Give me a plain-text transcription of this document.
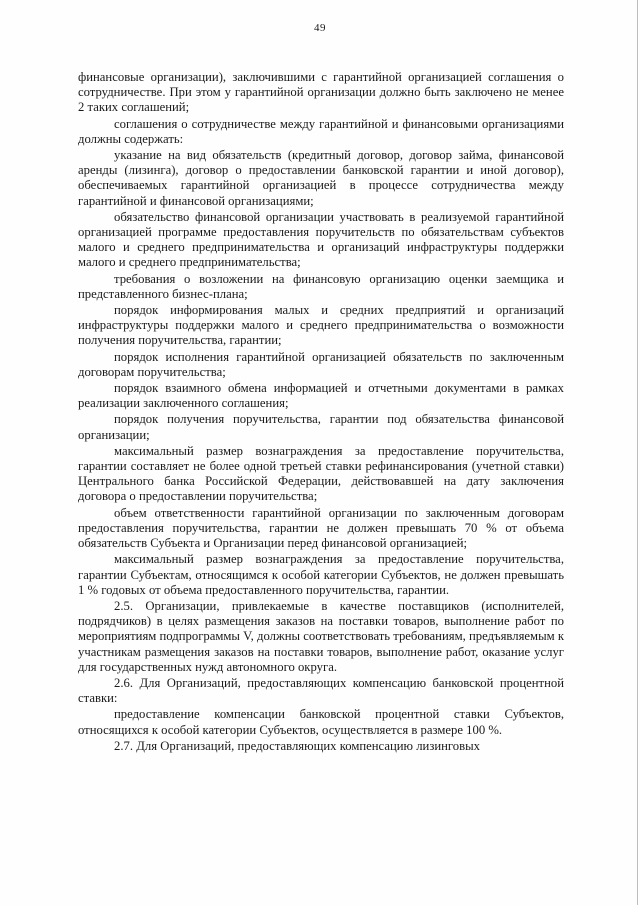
49

финансовые организации), заключившими с гарантийной организацией соглашения о сотрудничестве. При этом у гарантийной организации должно быть заключено не менее 2 таких соглашений;

соглашения о сотрудничестве между гарантийной и финансовыми организациями должны содержать:

указание на вид обязательств (кредитный договор, договор займа, финансовой аренды (лизинга), договор о предоставлении банковской гарантии и иной договор), обеспечиваемых гарантийной организацией в процессе сотрудничества между гарантийной и финансовой организациями;

обязательство финансовой организации участвовать в реализуемой гарантийной организацией программе предоставления поручительств по обязательствам субъектов малого и среднего предпринимательства и организаций инфраструктуры поддержки малого и среднего предпринимательства;

требования о возложении на финансовую организацию оценки заемщика и представленного бизнес-плана;

порядок информирования малых и средних предприятий и организаций инфраструктуры поддержки малого и среднего предпринимательства о возможности получения поручительства, гарантии;

порядок исполнения гарантийной организацией обязательств по заключенным договорам поручительства;

порядок взаимного обмена информацией и отчетными документами в рамках реализации заключенного соглашения;

порядок получения поручительства, гарантии под обязательства финансовой организации;

максимальный размер вознаграждения за предоставление поручительства, гарантии составляет не более одной третьей ставки рефинансирования (учетной ставки) Центрального банка Российской Федерации, действовавшей на дату заключения договора о предоставлении поручительства;

объем ответственности гарантийной организации по заключенным договорам предоставления поручительства, гарантии не должен превышать 70 % от объема обязательств Субъекта и Организации перед финансовой организацией;

максимальный размер вознаграждения за предоставление поручительства, гарантии Субъектам, относящимся к особой категории Субъектов, не должен превышать 1 % годовых от объема предоставленного поручительства, гарантии.

2.5. Организации, привлекаемые в качестве поставщиков (исполнителей, подрядчиков) в целях размещения заказов на поставки товаров, выполнение работ по мероприятиям подпрограммы V, должны соответствовать требованиям, предъявляемым к участникам размещения заказов на поставки товаров, выполнение работ, оказание услуг для государственных нужд автономного округа.

2.6. Для Организаций, предоставляющих компенсацию банковской процентной ставки:

предоставление компенсации банковской процентной ставки Субъектов, относящихся к особой категории Субъектов, осуществляется в размере 100 %.

2.7. Для Организаций, предоставляющих компенсацию лизинговых
